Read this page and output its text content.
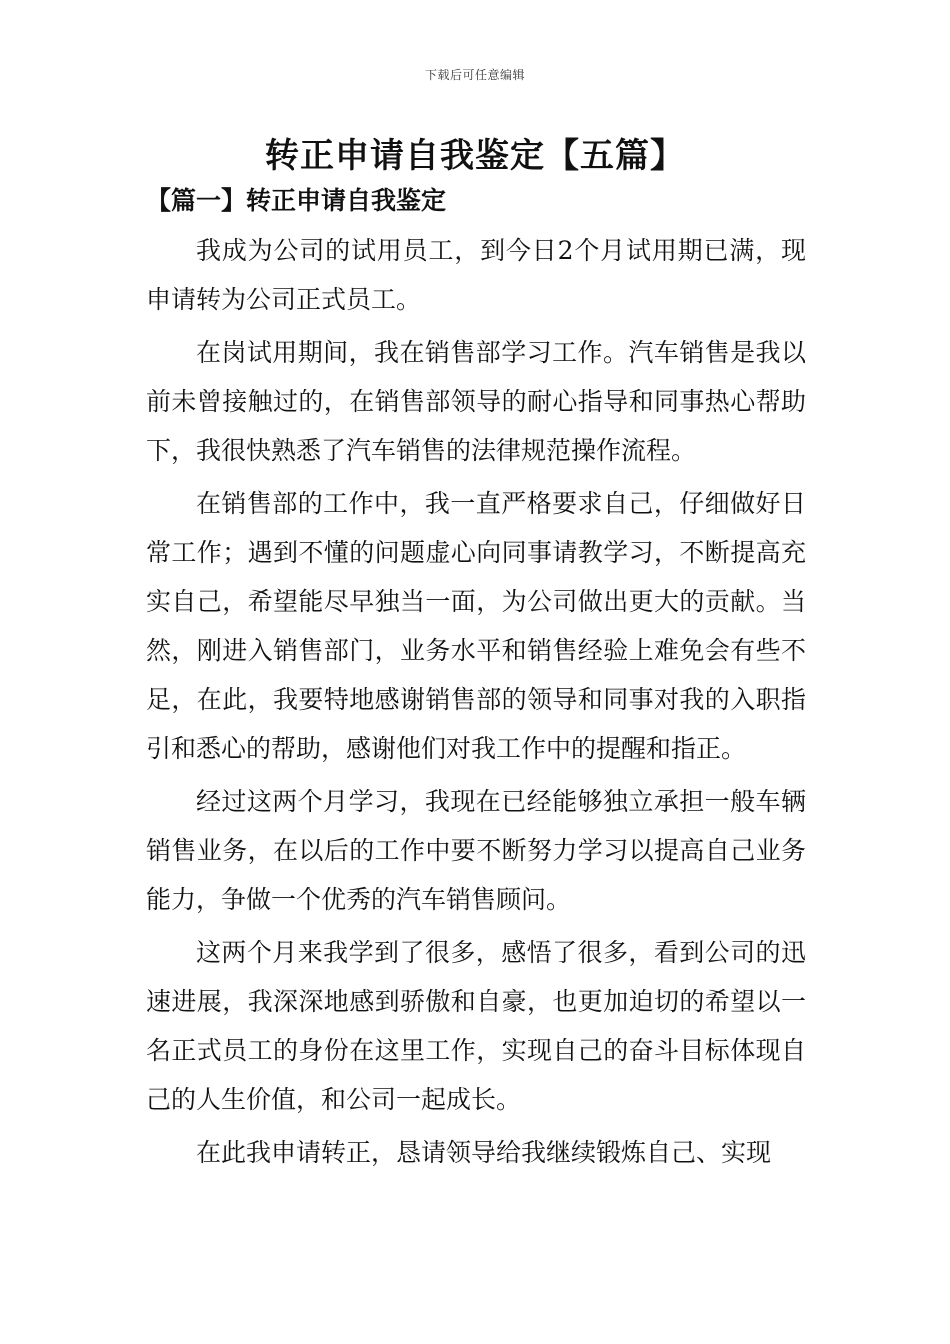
下载后可任意编辑
转正申请自我鉴定【五篇】
【篇一】转正申请自我鉴定

我成为公司的试用员工，到今日2个月试用期已满，现申请转为公司正式员工。

在岗试用期间，我在销售部学习工作。汽车销售是我以前未曾接触过的，在销售部领导的耐心指导和同事热心帮助下，我很快熟悉了汽车销售的法律规范操作流程。

在销售部的工作中，我一直严格要求自己，仔细做好日常工作；遇到不懂的问题虚心向同事请教学习，不断提高充实自己，希望能尽早独当一面，为公司做出更大的贡献。当然，刚进入销售部门，业务水平和销售经验上难免会有些不足，在此，我要特地感谢销售部的领导和同事对我的入职指引和悉心的帮助，感谢他们对我工作中的提醒和指正。

经过这两个月学习，我现在已经能够独立承担一般车辆销售业务，在以后的工作中要不断努力学习以提高自己业务能力，争做一个优秀的汽车销售顾问。

这两个月来我学到了很多，感悟了很多，看到公司的迅速进展，我深深地感到骄傲和自豪，也更加迫切的希望以一名正式员工的身份在这里工作，实现自己的奋斗目标体现自己的人生价值，和公司一起成长。

在此我申请转正，恳请领导给我继续锻炼自己、实现
